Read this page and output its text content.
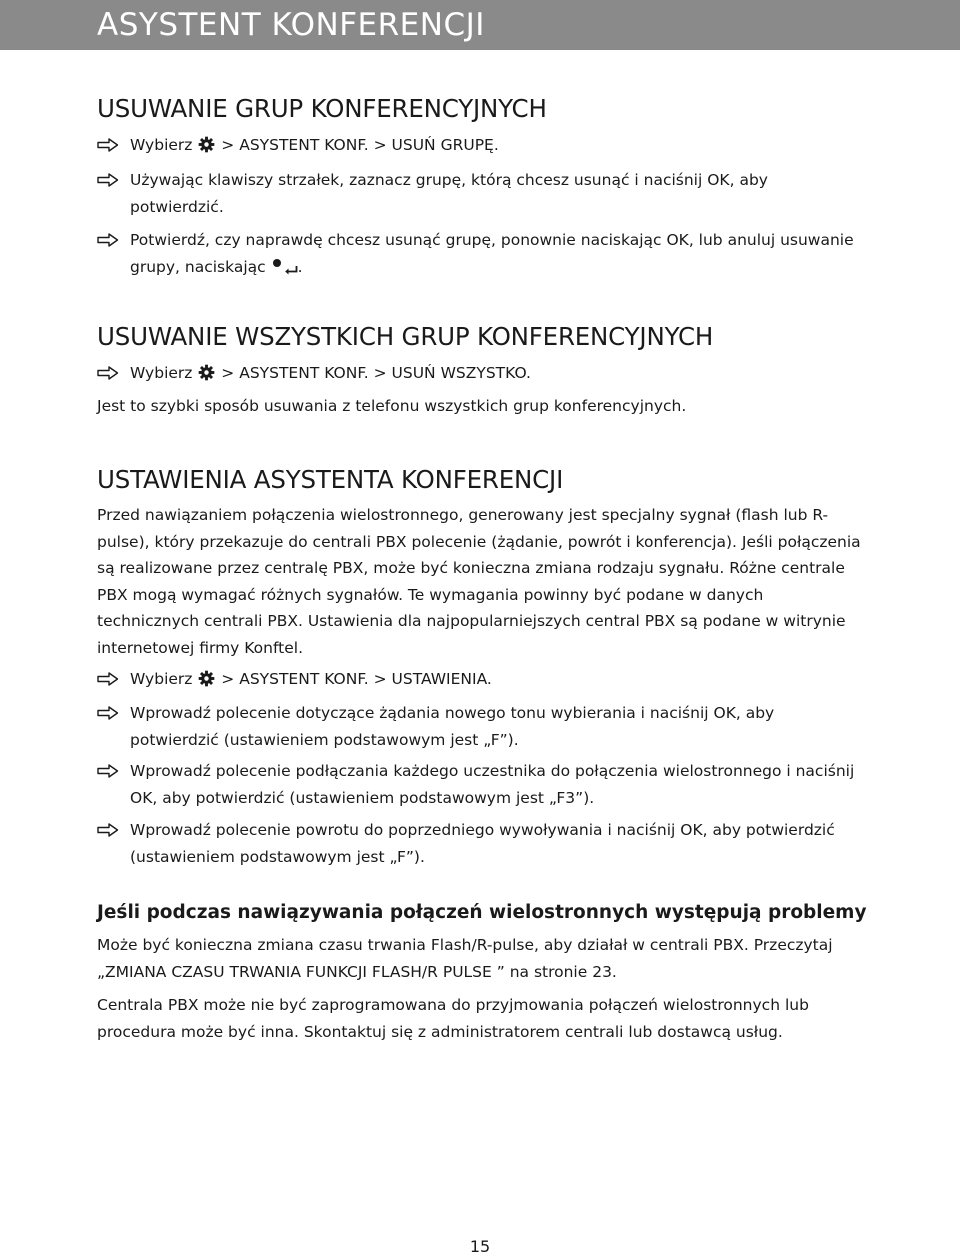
ASYSTENT KONFERENCJI
USUWANIE GRUP KONFERENCYJNYCH
Wybierz > ASYSTENT KONF. > USUŃ GRUPĘ.
Używając klawiszy strzałek, zaznacz grupę, którą chcesz usunąć i naciśnij OK, aby potwierdzić.
Potwierdź, czy naprawdę chcesz usunąć grupę, ponownie naciskając OK, lub anuluj usuwanie grupy, naciskając .
USUWANIE WSZYSTKICH GRUP KONFERENCYJNYCH
Wybierz > ASYSTENT KONF. > USUŃ WSZYSTKO.

Jest to szybki sposób usuwania z telefonu wszystkich grup konferencyjnych.

USTAWIENIA ASYSTENTA KONFERENCJI

Przed nawiązaniem połączenia wielostronnego, generowany jest specjalny sygnał (flash lub R-pulse), który przekazuje do centrali PBX polecenie (żądanie, powrót i konferencja). Jeśli połączenia są realizowane przez centralę PBX, może być konieczna zmiana rodzaju sygnału. Różne centrale PBX mogą wymagać różnych sygnałów. Te wymagania powinny być podane w danych technicznych centrali PBX. Ustawienia dla najpopularniejszych central PBX są podane w witrynie internetowej firmy Konftel.

Wybierz > ASYSTENT KONF. > USTAWIENIA.
Wprowadź polecenie dotyczące żądania nowego tonu wybierania i naciśnij OK, aby potwierdzić (ustawieniem podstawowym jest „F”).
Wprowadź polecenie podłączania każdego uczestnika do połączenia wielostronnego i naciśnij OK, aby potwierdzić (ustawieniem podstawowym jest „F3”).
Wprowadź polecenie powrotu do poprzedniego wywoływania i naciśnij OK, aby potwierdzić (ustawieniem podstawowym jest „F”).
Jeśli podczas nawiązywania połączeń wielostronnych występują problemy

Może być konieczna zmiana czasu trwania Flash/R-pulse, aby działał w centrali PBX. Przeczytaj „ZMIANA CZASU TRWANIA FUNKCJI FLASH/R PULSE ” na stronie 23.

Centrala PBX może nie być zaprogramowana do przyjmowania połączeń wielostronnych lub procedura może być inna. Skontaktuj się z administratorem centrali lub dostawcą usług.

15
